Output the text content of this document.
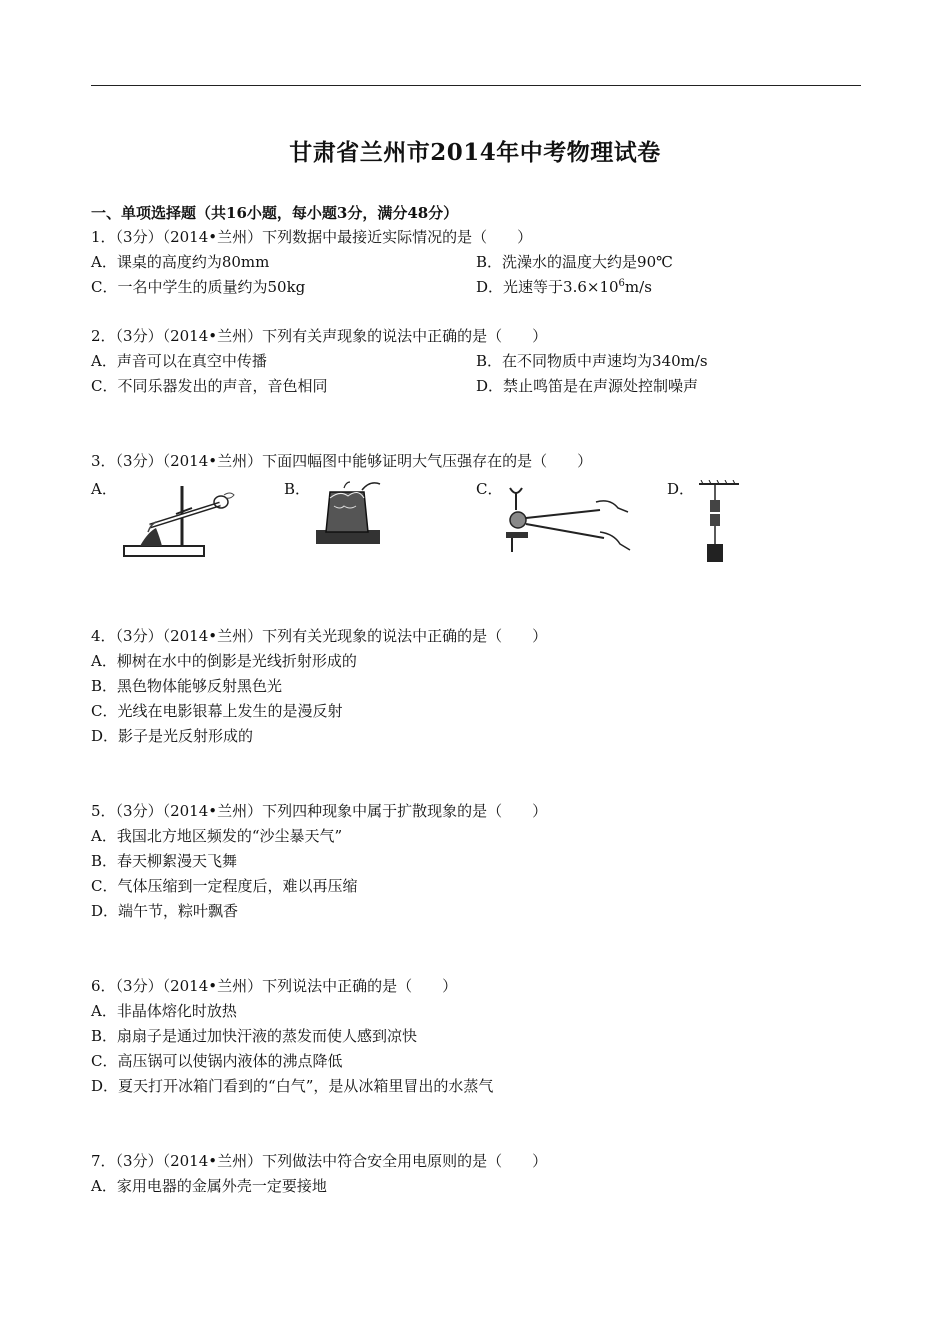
甘肃省兰州市2014年中考物理试卷
一、单项选择题（共16小题，每小题3分，满分48分）
1．（3分）（2014•兰州）下列数据中最接近实际情况的是（　　）
A．课桌的高度约为80mm	B．洗澡水的温度大约是90℃
C．一名中学生的质量约为50kg	D．光速等于$3.6\times 10^6m/s$
2．（3分）（2014•兰州）下列有关声现象的说法中正确的是（　　）
A．声音可以在真空中传播	B．在不同物质中声速均为340m/s
C．不同乐器发出的声音，音色相同	D．禁止鸣笛是在声源处控制噪声
3．（3分）（2014•兰州）下面四幅图中能够证明大气压强存在的是（　　）
A．	B．	C．	D．
4．（3分）（2014•兰州）下列有关光现象的说法中正确的是（　　）
A．柳树在水中的倒影是光线折射形成的
B．黑色物体能够反射黑色光
C．光线在电影银幕上发生的是漫反射
D．影子是光反射形成的
5．（3分）（2014•兰州）下列四种现象中属于扩散现象的是（　　）
A．我国北方地区频发的“沙尘暴天气”
B．春天柳絮漫天飞舞
C．气体压缩到一定程度后，难以再压缩
D．端午节，粽叶飘香
6．（3分）（2014•兰州）下列说法中正确的是（　　）
A．非晶体熔化时放热
B．扇扇子是通过加快汗液的蒸发而使人感到凉快
C．高压锅可以使锅内液体的沸点降低
D．夏天打开冰箱门看到的“白气”，是从冰箱里冒出的水蒸气
7．（3分）（2014•兰州）下列做法中符合安全用电原则的是（　　）
A．家用电器的金属外壳一定要接地
